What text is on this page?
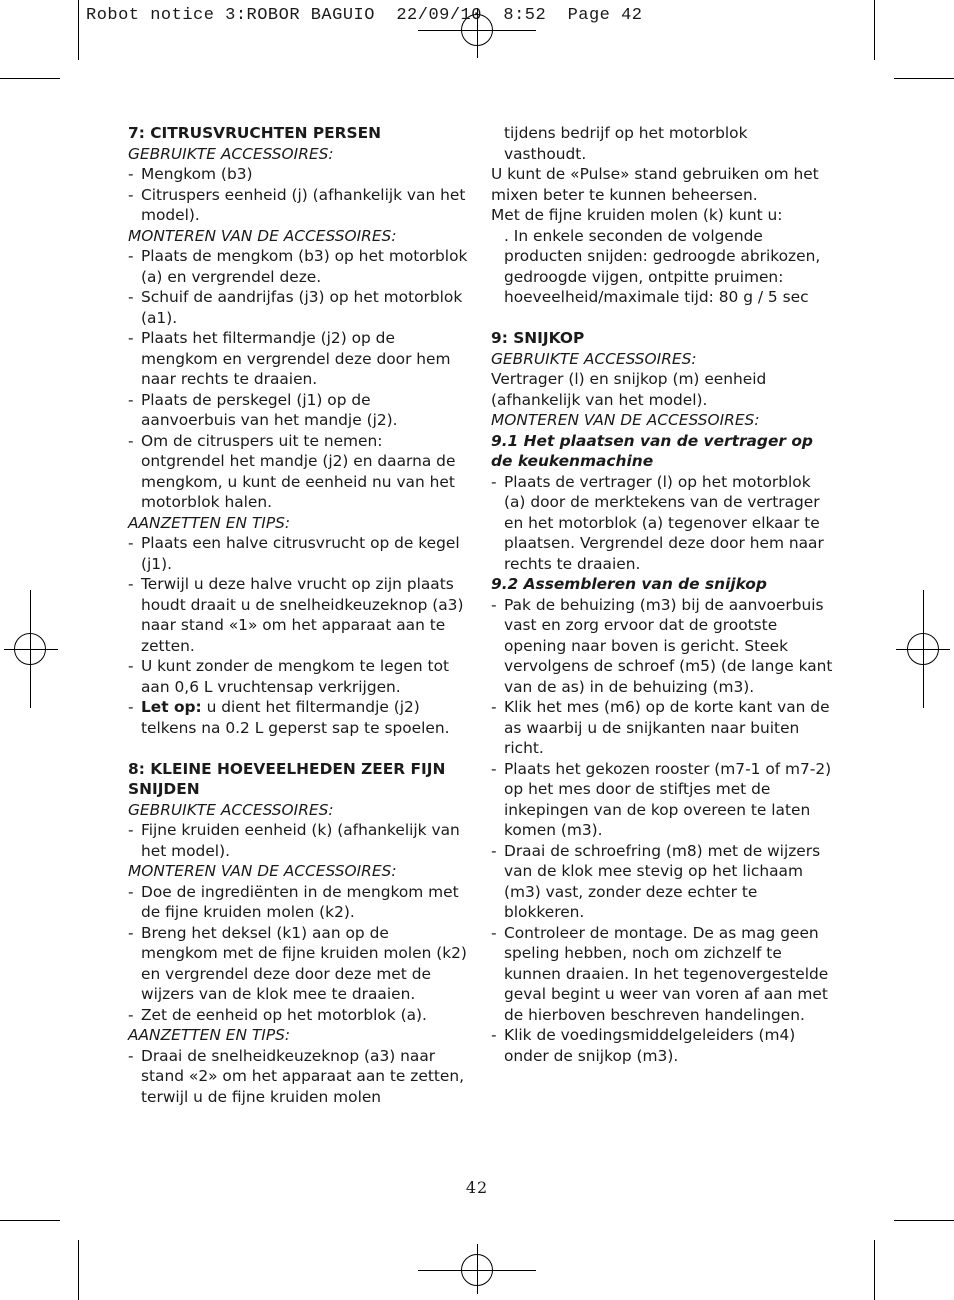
Robot notice 3:ROBOR BAGUIO  22/09/10  8:52  Page 42

7: CITRUSVRUCHTEN PERSEN

GEBRUIKTE ACCESSOIRES:

- Mengkom (b3)
- Citruspers eenheid (j) (afhankelijk van het model).

MONTEREN VAN DE ACCESSOIRES:

- Plaats de mengkom (b3) op het motorblok (a) en vergrendel deze.
- Schuif de aandrijfas (j3) op het motorblok (a1).
- Plaats het filtermandje (j2) op de mengkom en vergrendel deze door hem naar rechts te draaien.
- Plaats de perskegel (j1) op de aanvoerbuis van het mandje (j2).
- Om de citruspers uit te nemen: ontgrendel het mandje (j2) en daarna de mengkom, u kunt de eenheid nu van het motorblok halen.

AANZETTEN EN TIPS:

- Plaats een halve citrusvrucht op de kegel (j1).
- Terwijl u deze halve vrucht op zijn plaats houdt draait u de snelheidkeuzeknop (a3) naar stand «1» om het apparaat aan te zetten.
- U kunt zonder de mengkom te legen tot aan 0,6 L vruchtensap verkrijgen.
- Let op: u dient het filtermandje (j2) telkens na 0.2 L geperst sap te spoelen.

8: KLEINE HOEVEELHEDEN ZEER FIJN SNIJDEN

GEBRUIKTE ACCESSOIRES:

- Fijne kruiden eenheid (k) (afhankelijk van het model).

MONTEREN VAN DE ACCESSOIRES:

- Doe de ingrediënten in de mengkom met de fijne kruiden molen (k2).
- Breng het deksel (k1) aan op de mengkom met de fijne kruiden molen (k2) en vergrendel deze door deze met de wijzers van de klok mee te draaien.
- Zet de eenheid op het motorblok (a).

AANZETTEN EN TIPS:

- Draai de snelheidkeuzeknop (a3) naar stand «2» om het apparaat aan te zetten, terwijl u de fijne kruiden molen

tijdens bedrijf op het motorblok vasthoudt.

U kunt de «Pulse» stand gebruiken om het mixen beter te kunnen beheersen.

Met de fijne kruiden molen (k) kunt u:

. In enkele seconden de volgende producten snijden: gedroogde abrikozen, gedroogde vijgen, ontpitte pruimen:

hoeveelheid/maximale tijd: 80 g / 5 sec

9: SNIJKOP

GEBRUIKTE ACCESSOIRES:

Vertrager (l) en snijkop (m) eenheid (afhankelijk van het model).

MONTEREN VAN DE ACCESSOIRES:

9.1 Het plaatsen van de vertrager op de keukenmachine

- Plaats de vertrager (l) op het motorblok (a) door de merktekens van de vertrager en het motorblok (a) tegenover elkaar te plaatsen. Vergrendel deze door hem naar rechts te draaien.

9.2 Assembleren van de snijkop

- Pak de behuizing (m3) bij de aanvoerbuis vast en zorg ervoor dat de grootste opening naar boven is gericht. Steek vervolgens de schroef (m5) (de lange kant van de as) in de behuizing (m3).
- Klik het mes (m6) op de korte kant van de as waarbij u de snijkanten naar buiten richt.
- Plaats het gekozen rooster (m7-1 of m7-2) op het mes door de stiftjes met de inkepingen van de kop overeen te laten komen (m3).
- Draai de schroefring (m8) met de wijzers van de klok mee stevig op het lichaam (m3) vast, zonder deze echter te blokkeren.
- Controleer de montage. De as mag geen speling hebben, noch om zichzelf te kunnen draaien. In het tegenovergestelde geval begint u weer van voren af aan met de hierboven beschreven handelingen.
- Klik de voedingsmiddelgeleiders (m4) onder de snijkop (m3).
42
